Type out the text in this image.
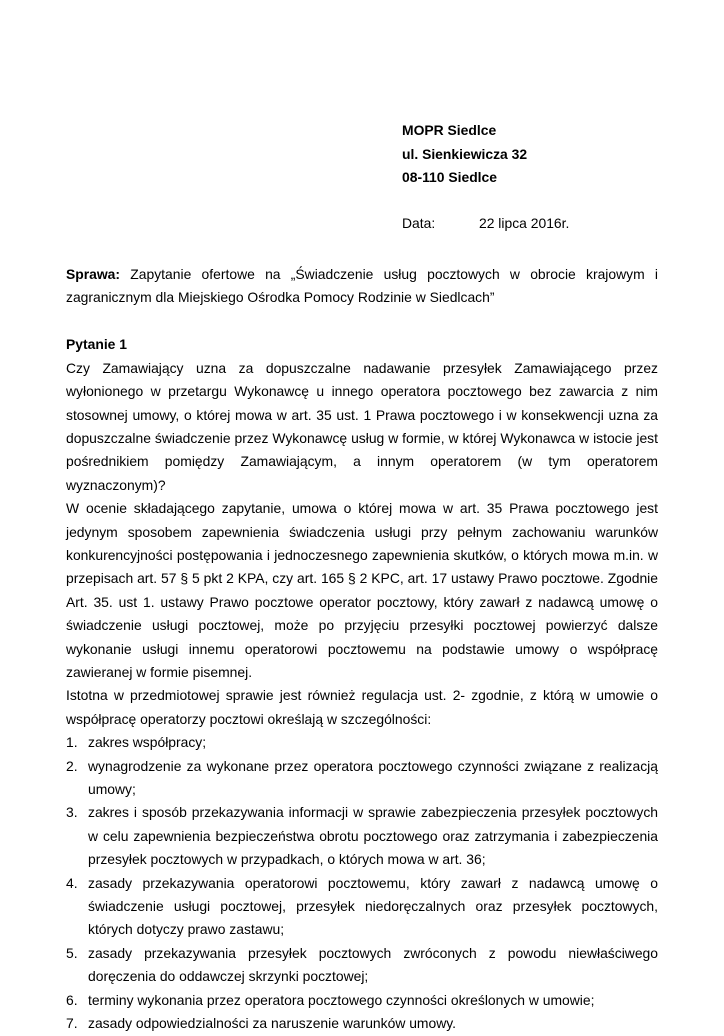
MOPR Siedlce
ul. Sienkiewicza 32
08-110 Siedlce
Data:	22 lipca 2016r.

Sprawa: Zapytanie ofertowe na „Świadczenie usług pocztowych w obrocie krajowym i zagranicznym dla Miejskiego Ośrodka Pomocy Rodzinie w Siedlcach”

Pytanie 1

Czy Zamawiający uzna za dopuszczalne nadawanie przesyłek Zamawiającego przez wyłonionego w przetargu Wykonawcę u innego operatora pocztowego bez zawarcia z nim stosownej umowy, o której mowa w art. 35 ust. 1 Prawa pocztowego i w konsekwencji uzna za dopuszczalne świadczenie przez Wykonawcę usług w formie, w której Wykonawca w istocie jest pośrednikiem pomiędzy Zamawiającym, a innym operatorem (w tym operatorem wyznaczonym)?

W ocenie składającego zapytanie, umowa o której mowa w art. 35 Prawa pocztowego jest jedynym sposobem zapewnienia świadczenia usługi przy pełnym zachowaniu warunków konkurencyjności postępowania i jednoczesnego zapewnienia skutków, o których mowa m.in. w przepisach art. 57 § 5 pkt 2 KPA, czy art. 165 § 2 KPC, art. 17 ustawy Prawo pocztowe. Zgodnie Art. 35. ust 1. ustawy Prawo pocztowe operator pocztowy, który zawarł z nadawcą umowę o świadczenie usługi pocztowej, może po przyjęciu przesyłki pocztowej powierzyć dalsze wykonanie usługi innemu operatorowi pocztowemu na podstawie umowy o współpracę zawieranej w formie pisemnej.

Istotna w przedmiotowej sprawie jest również regulacja ust. 2- zgodnie, z którą w umowie o współpracę operatorzy pocztowi określają w szczególności:

1. zakres współpracy;
2. wynagrodzenie za wykonane przez operatora pocztowego czynności związane z realizacją umowy;
3. zakres i sposób przekazywania informacji w sprawie zabezpieczenia przesyłek pocztowych w celu zapewnienia bezpieczeństwa obrotu pocztowego oraz zatrzymania i zabezpieczenia przesyłek pocztowych w przypadkach, o których mowa w art. 36;
4. zasady przekazywania operatorowi pocztowemu, który zawarł z nadawcą umowę o świadczenie usługi pocztowej, przesyłek niedoręczalnych oraz przesyłek pocztowych, których dotyczy prawo zastawu;
5. zasady przekazywania przesyłek pocztowych zwróconych z powodu niewłaściwego doręczenia do oddawczej skrzynki pocztowej;
6. terminy wykonania przez operatora pocztowego czynności określonych w umowie;
7. zasady odpowiedzialności za naruszenie warunków umowy.
